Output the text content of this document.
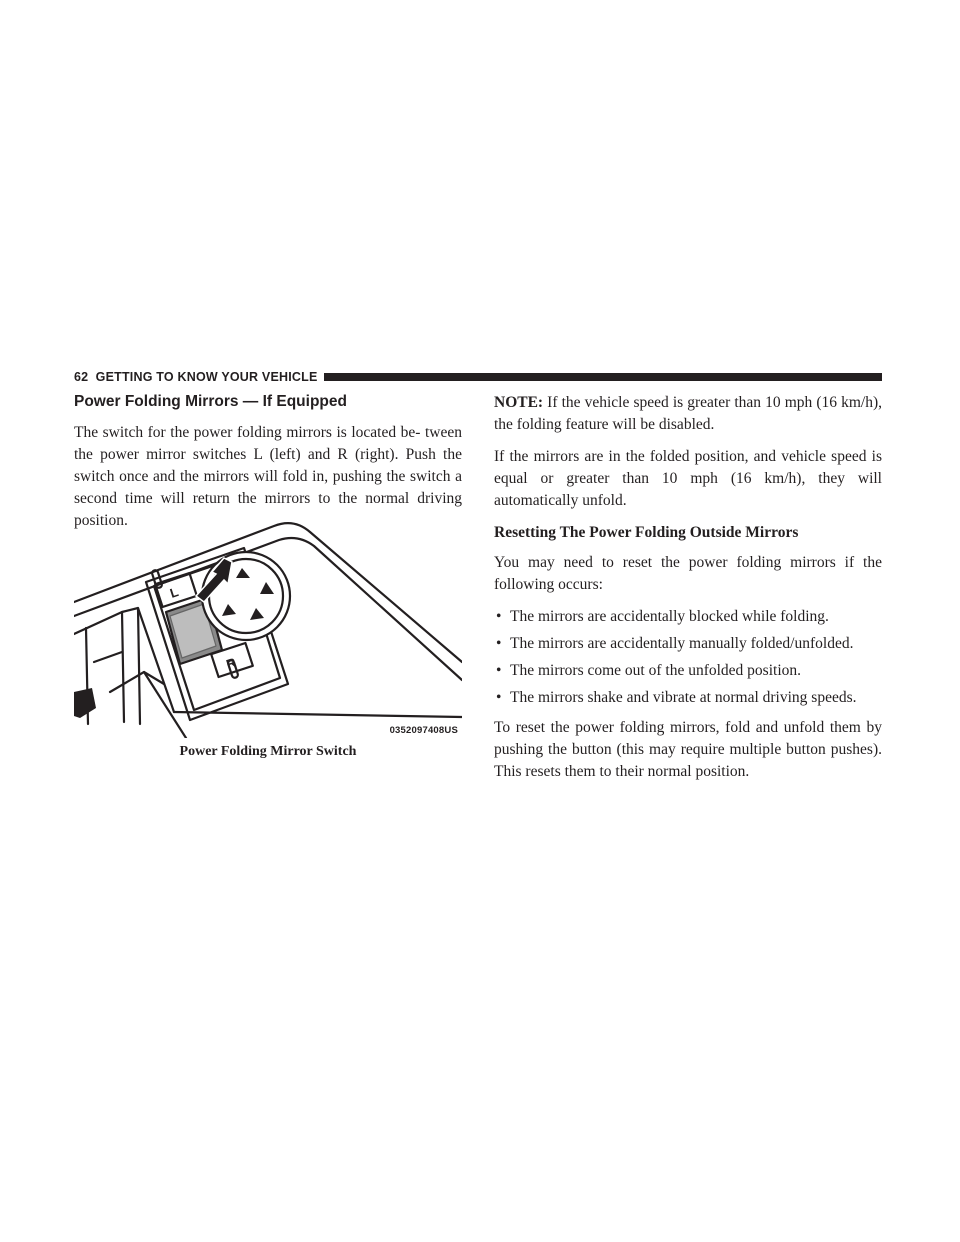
62 GETTING TO KNOW YOUR VEHICLE
Power Folding Mirrors — If Equipped

The switch for the power folding mirrors is located be- tween the power mirror switches L (left) and R (right). Push the switch once and the mirrors will fold in, pushing the switch a second time will return the mirrors to the normal driving position.

L
R
0352097408US
Power Folding Mirror Switch

NOTE: If the vehicle speed is greater than 10 mph (16 km/h), the folding feature will be disabled.

If the mirrors are in the folded position, and vehicle speed is equal or greater than 10 mph (16 km/h), they will automatically unfold.

Resetting The Power Folding Outside Mirrors

You may need to reset the power folding mirrors if the following occurs:

• The mirrors are accidentally blocked while folding.
• The mirrors are accidentally manually folded/unfolded.
• The mirrors come out of the unfolded position.
• The mirrors shake and vibrate at normal driving speeds.

To reset the power folding mirrors, fold and unfold them by pushing the button (this may require multiple button pushes). This resets them to their normal position.
